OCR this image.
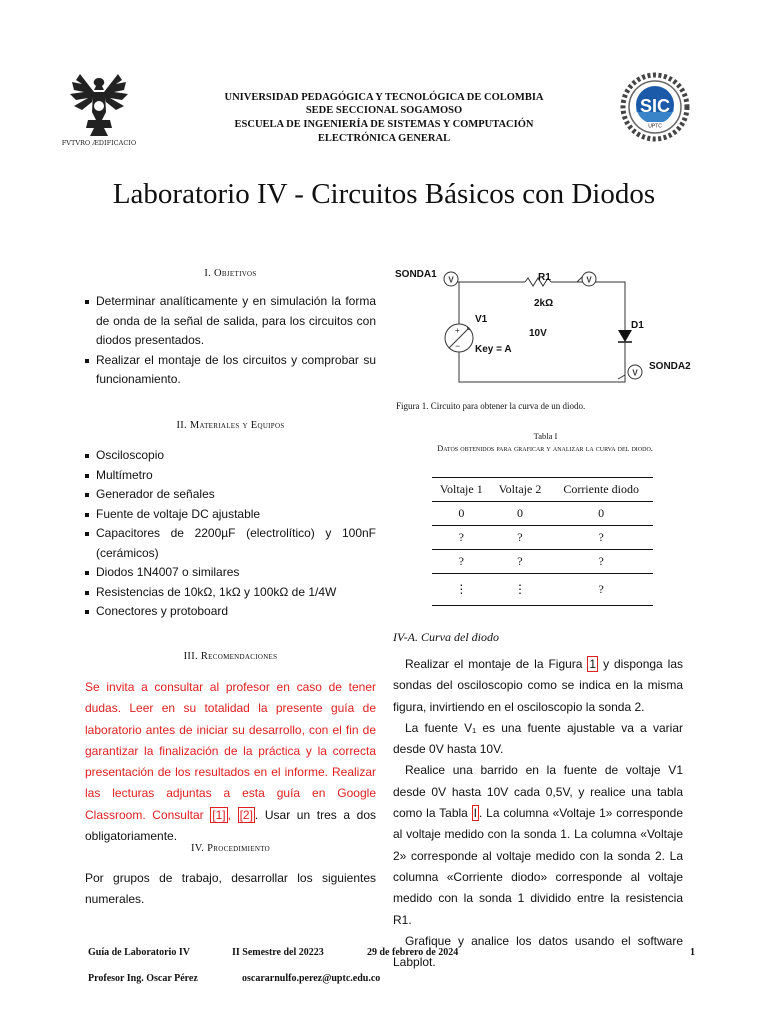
FVTVRO ÆDIFICACIO
SIC
UPTC
UNIVERSIDAD PEDAGÓGICA Y TECNOLÓGICA DE COLOMBIA
SEDE SECCIONAL SOGAMOSO
ESCUELA DE INGENIERÍA DE SISTEMAS Y COMPUTACIÓN
ELECTRÓNICA GENERAL
Laboratorio IV - Circuitos Básicos con Diodos
I. Objetivos
Determinar analíticamente y en simulación la forma de onda de la señal de salida, para los circuitos con diodos presentados.
Realizar el montaje de los circuitos y comprobar su funcionamiento.
II. Materiales y Equipos
Osciloscopio
Multímetro
Generador de señales
Fuente de voltaje DC ajustable
Capacitores de 2200µF (electrolítico) y 100nF (cerámicos)
Diodos 1N4007 o similares
Resistencias de 10kΩ, 1kΩ y 100kΩ de 1/4W
Conectores y protoboard
III. Recomendaciones
Se invita a consultar al profesor en caso de tener dudas. Leer en su totalidad la presente guía de laboratorio antes de iniciar su desarrollo, con el fin de garantizar la finalización de la práctica y la correcta presentación de los resultados en el informe. Realizar las lecturas adjuntas a esta guía en Google Classroom. Consultar [1] , [2] . Usar un tres a dos obligatoriamente.
IV. Procedimiento
Por grupos de trabajo, desarrollar los siguientes numerales.
+
−
V	V
V
SONDA1	R1
2kΩ
V1
10V
Key = A
D1
SONDA2
Figura 1. Circuito para obtener la curva de un diodo.
Tabla I
Datos obtenidos para graficar y analizar la curva del diodo.
Voltaje 1	Voltaje 2	Corriente diodo
0	0	0
?	?	?
?	?	?
⋮	⋮	?
IV-A. Curva del diodo
Realizar el montaje de la Figura 1 y disponga las sondas del osciloscopio como se indica en la misma figura, invirtiendo en el osciloscopio la sonda 2.
La fuente V₁ es una fuente ajustable va a variar desde 0V hasta 10V.
Realice una barrido en la fuente de voltaje V1 desde 0V hasta 10V cada 0,5V, y realice una tabla como la Tabla I . La columna «Voltaje 1» corresponde al voltaje medido con la sonda 1. La columna «Voltaje 2» corresponde al voltaje medido con la sonda 2. La columna «Corriente diodo» corresponde al voltaje medido con la sonda 1 dividido entre la resistencia R1.
Grafique y analice los datos usando el software Labplot.
Guía de Laboratorio IV	II Semestre del 20223	29 de febrero de 2024	1
Profesor Ing. Oscar Pérez	oscararnulfo.perez@uptc.edu.co
